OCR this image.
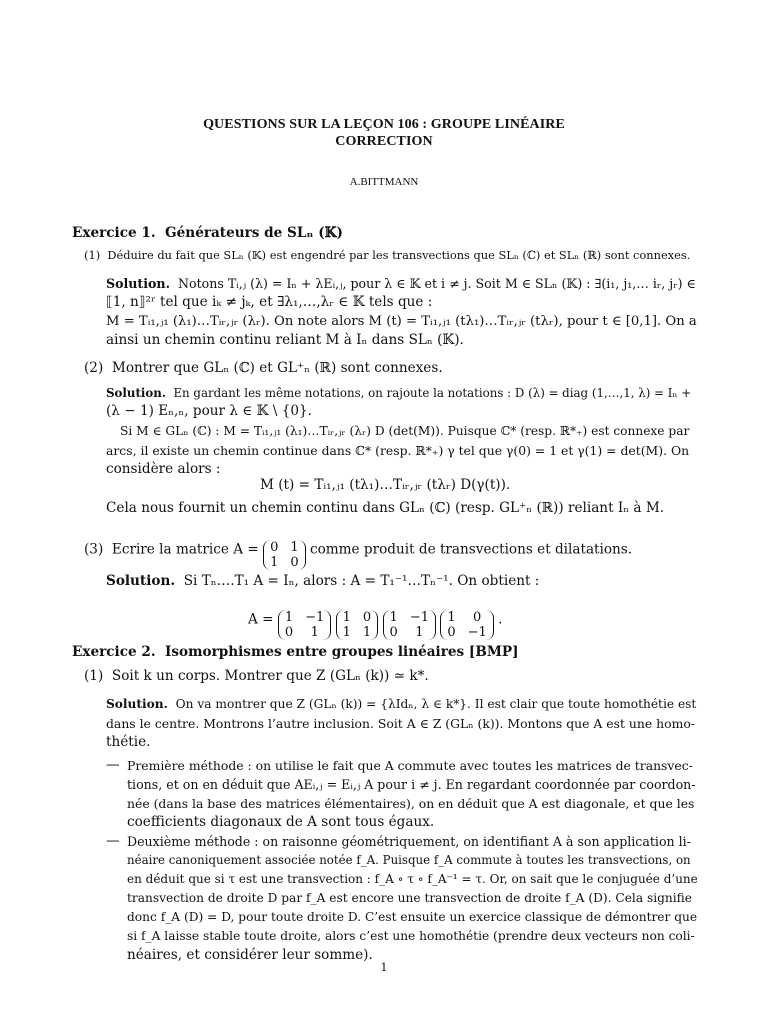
QUESTIONS SUR LA LEÇON 106 : GROUPE LINÉAIRE
CORRECTION
A.BITTMANN
Exercice 1. Générateurs de SLₙ (𝕂)
(1) Déduire du fait que SLₙ (𝕂) est engendré par les transvections que SLₙ (ℂ) et SLₙ (ℝ) sont connexes.
Solution. Notons Tᵢ,ⱼ (λ) = Iₙ + λEᵢ,ⱼ, pour λ ∈ 𝕂 et i ≠ j. Soit M ∈ SLₙ (𝕂) : ∃(i₁, j₁,… iᵣ, jᵣ) ∈
⟦1, n⟧²ʳ tel que iₖ ≠ jₖ, et ∃λ₁,…,λᵣ ∈ 𝕂 tels que :
M = Tᵢ₁,ⱼ₁ (λ₁)…Tᵢᵣ,ⱼᵣ (λᵣ). On note alors M (t) = Tᵢ₁,ⱼ₁ (tλ₁)…Tᵢᵣ,ⱼᵣ (tλᵣ), pour t ∈ [0,1]. On a
ainsi un chemin continu reliant M à Iₙ dans SLₙ (𝕂).
(2) Montrer que GLₙ (ℂ) et GL⁺ₙ (ℝ) sont connexes.
Solution. En gardant les même notations, on rajoute la notations : D (λ) = diag (1,…,1, λ) = Iₙ +
(λ − 1) Eₙ,ₙ, pour λ ∈ 𝕂 \ {0}.
Si M ∈ GLₙ (ℂ) : M = Tᵢ₁,ⱼ₁ (λ₁)…Tᵢᵣ,ⱼᵣ (λᵣ) D (det(M)). Puisque ℂ* (resp. ℝ*₊) est connexe par
arcs, il existe un chemin continue dans ℂ* (resp. ℝ*₊) γ tel que γ(0) = 1 et γ(1) = det(M). On
considère alors :
M (t) = Tᵢ₁,ⱼ₁ (tλ₁)…Tᵢᵣ,ⱼᵣ (tλᵣ) D(γ(t)).
Cela nous fournit un chemin continu dans GLₙ (ℂ) (resp. GL⁺ₙ (ℝ)) reliant Iₙ à M.
(3) Ecrire la matrice A = 0 1
1 0
comme produit de transvections et dilatations.
Solution. Si Tₙ….T₁ A = Iₙ, alors : A = T₁⁻¹…Tₙ⁻¹. On obtient :
A = 1 −1
0	1

1 0
1 1

1 −1
0	1

1	0
0 −1
.
Exercice 2. Isomorphismes entre groupes linéaires [BMP]
(1) Soit k un corps. Montrer que Z (GLₙ (k)) ≃ k*.
Solution. On va montrer que Z (GLₙ (k)) = {λIdₙ, λ ∈ k*}. Il est clair que toute homothétie est
dans le centre. Montrons l’autre inclusion. Soit A ∈ Z (GLₙ (k)). Montons que A est une homo-
thétie.
— Première méthode : on utilise le fait que A commute avec toutes les matrices de transvec-
tions, et on en déduit que AEᵢ,ⱼ = Eᵢ,ⱼ A pour i ≠ j. En regardant coordonnée par coordon-
née (dans la base des matrices élémentaires), on en déduit que A est diagonale, et que les
coefficients diagonaux de A sont tous égaux.
— Deuxième méthode : on raisonne géométriquement, on identifiant A à son application li-
néaire canoniquement associée notée f_A. Puisque f_A commute à toutes les transvections, on
en déduit que si τ est une transvection : f_A ∘ τ ∘ f_A⁻¹ = τ. Or, on sait que le conjuguée d’une
transvection de droite D par f_A est encore une transvection de droite f_A (D). Cela signifie
donc f_A (D) = D, pour toute droite D. C’est ensuite un exercice classique de démontrer que
si f_A laisse stable toute droite, alors c’est une homothétie (prendre deux vecteurs non coli-
néaires, et considérer leur somme).
1
